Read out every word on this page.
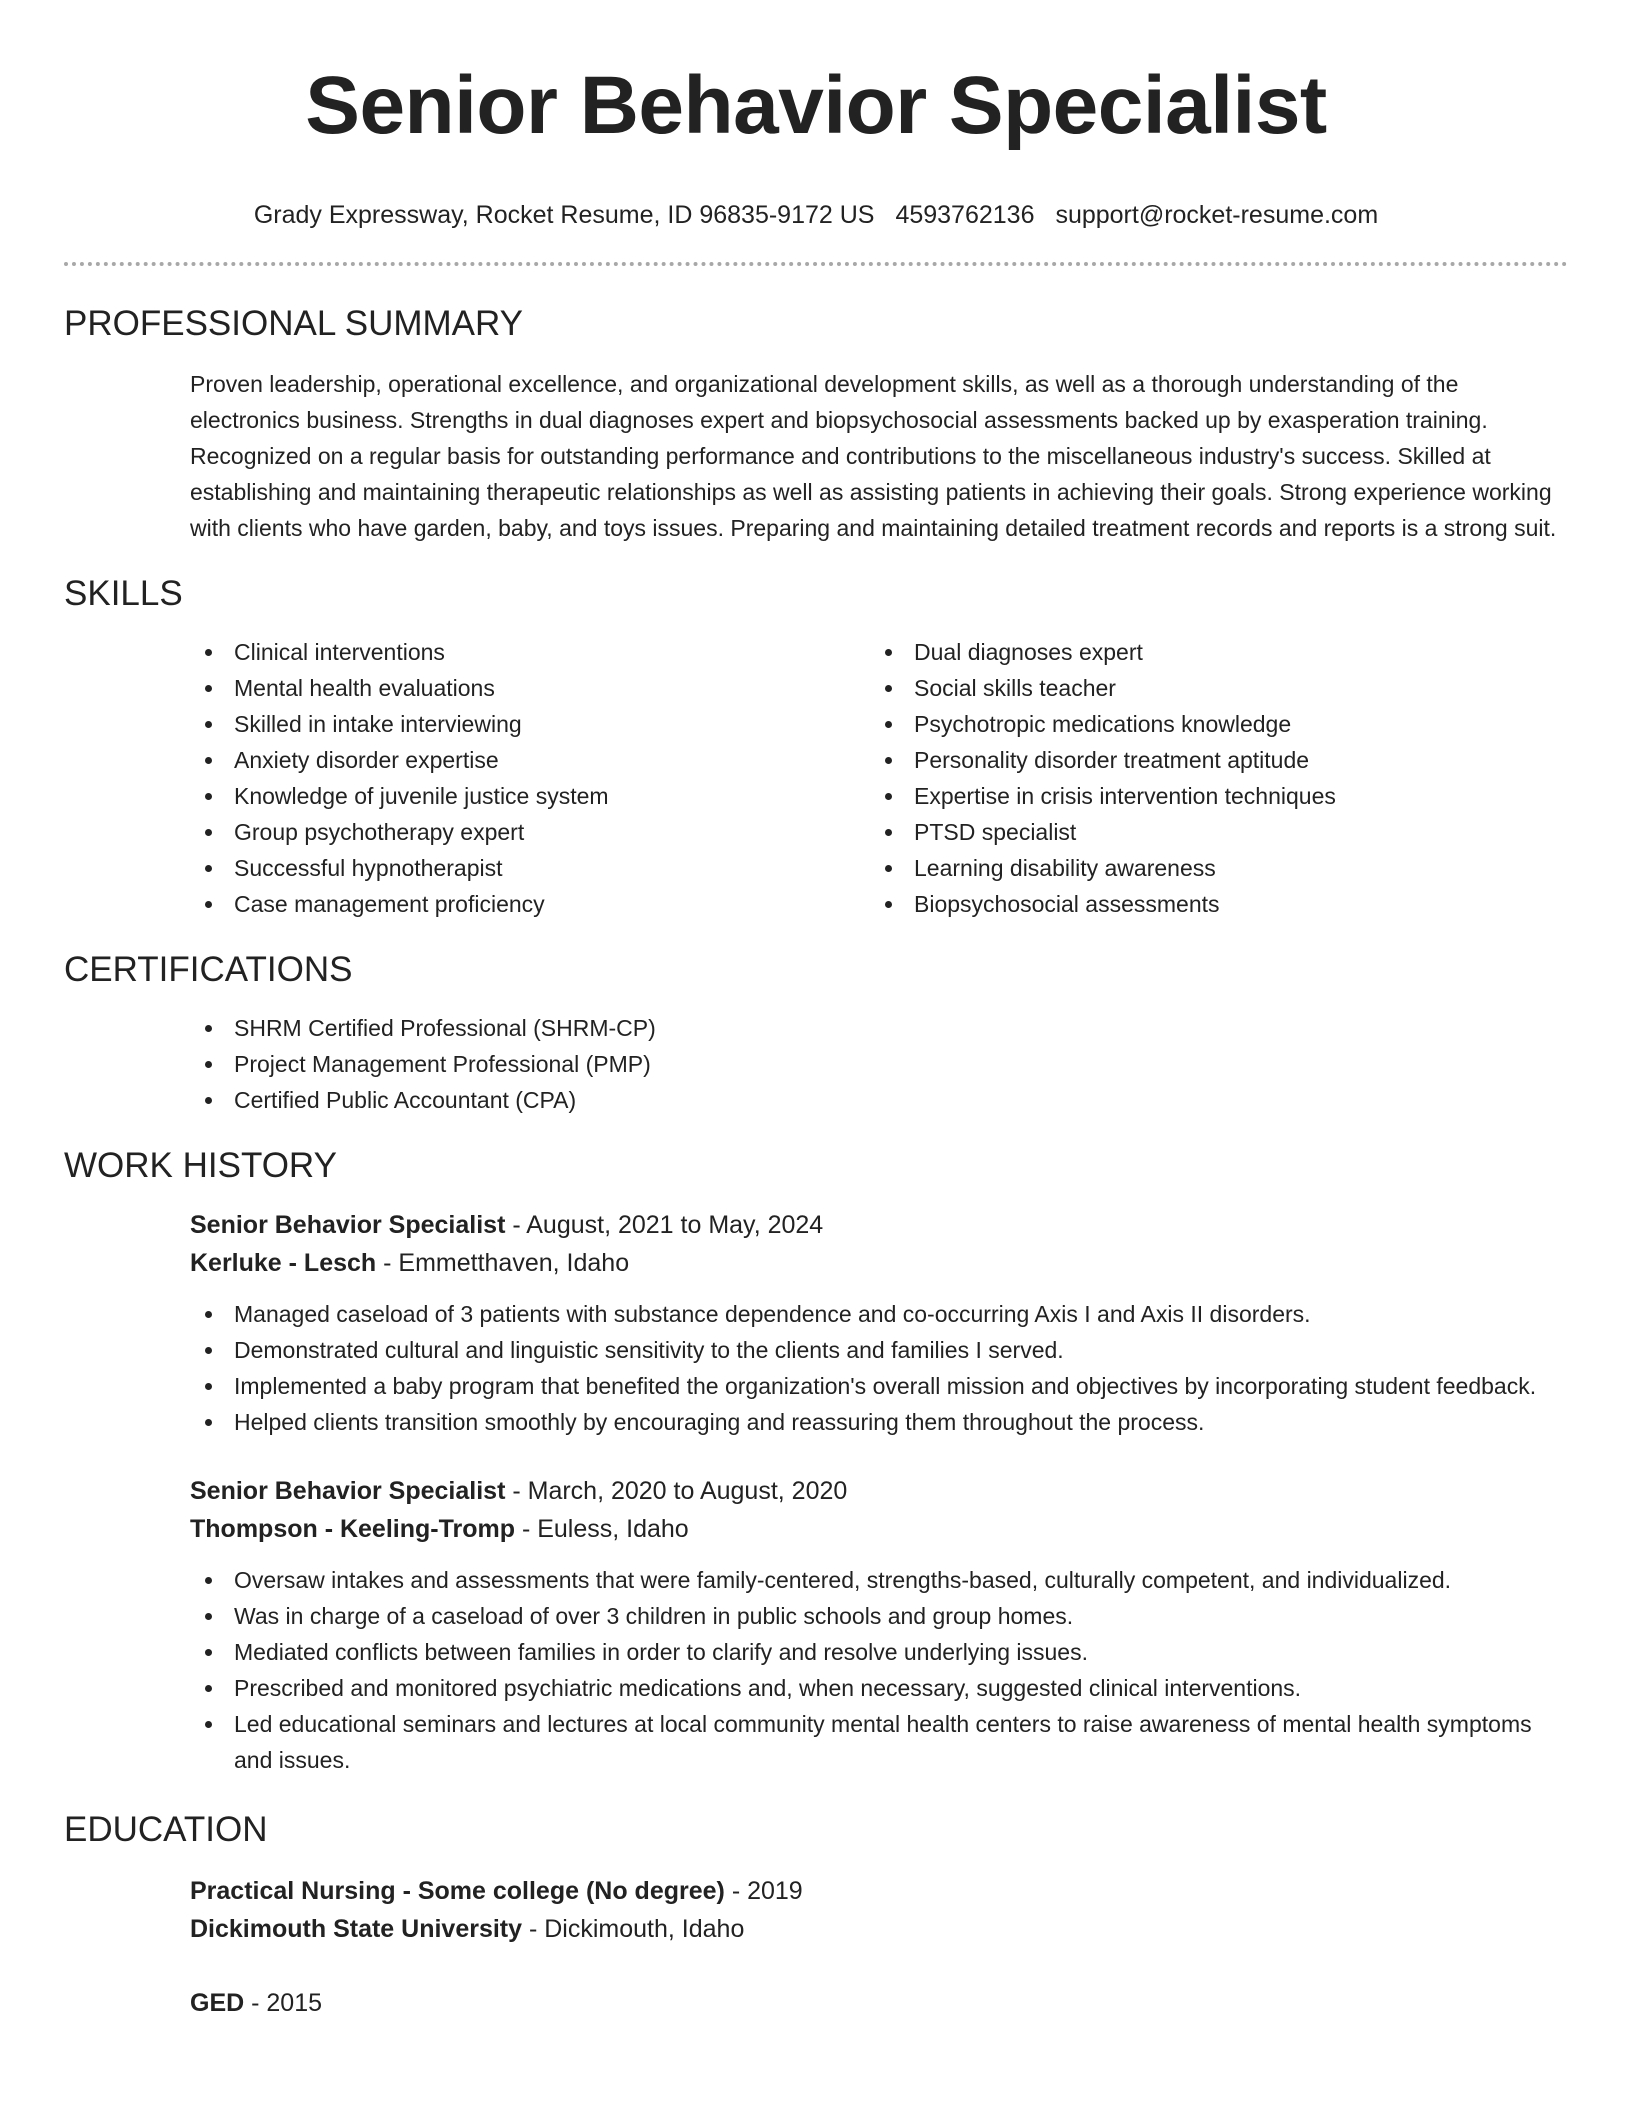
Senior Behavior Specialist
Grady Expressway, Rocket Resume, ID 96835-9172 US 4593762136 support@rocket-resume.com
PROFESSIONAL SUMMARY

Proven leadership, operational excellence, and organizational development skills, as well as a thorough understanding of the electronics business. Strengths in dual diagnoses expert and biopsychosocial assessments backed up by exasperation training. Recognized on a regular basis for outstanding performance and contributions to the miscellaneous industry's success. Skilled at establishing and maintaining therapeutic relationships as well as assisting patients in achieving their goals. Strong experience working with clients who have garden, baby, and toys issues. Preparing and maintaining detailed treatment records and reports is a strong suit.

SKILLS
Clinical interventions
Mental health evaluations
Skilled in intake interviewing
Anxiety disorder expertise
Knowledge of juvenile justice system
Group psychotherapy expert
Successful hypnotherapist
Case management proficiency
Dual diagnoses expert
Social skills teacher
Psychotropic medications knowledge
Personality disorder treatment aptitude
Expertise in crisis intervention techniques
PTSD specialist
Learning disability awareness
Biopsychosocial assessments
CERTIFICATIONS
SHRM Certified Professional (SHRM-CP)
Project Management Professional (PMP)
Certified Public Accountant (CPA)
WORK HISTORY
Senior Behavior Specialist - August, 2021 to May, 2024
Kerluke - Lesch - Emmetthaven, Idaho
Managed caseload of 3 patients with substance dependence and co-occurring Axis I and Axis II disorders.
Demonstrated cultural and linguistic sensitivity to the clients and families I served.
Implemented a baby program that benefited the organization's overall mission and objectives by incorporating student feedback.
Helped clients transition smoothly by encouraging and reassuring them throughout the process.
Senior Behavior Specialist - March, 2020 to August, 2020
Thompson - Keeling-Tromp - Euless, Idaho
Oversaw intakes and assessments that were family-centered, strengths-based, culturally competent, and individualized.
Was in charge of a caseload of over 3 children in public schools and group homes.
Mediated conflicts between families in order to clarify and resolve underlying issues.
Prescribed and monitored psychiatric medications and, when necessary, suggested clinical interventions.
Led educational seminars and lectures at local community mental health centers to raise awareness of mental health symptoms and issues.
EDUCATION
Practical Nursing - Some college (No degree) - 2019
Dickimouth State University - Dickimouth, Idaho
GED - 2015
